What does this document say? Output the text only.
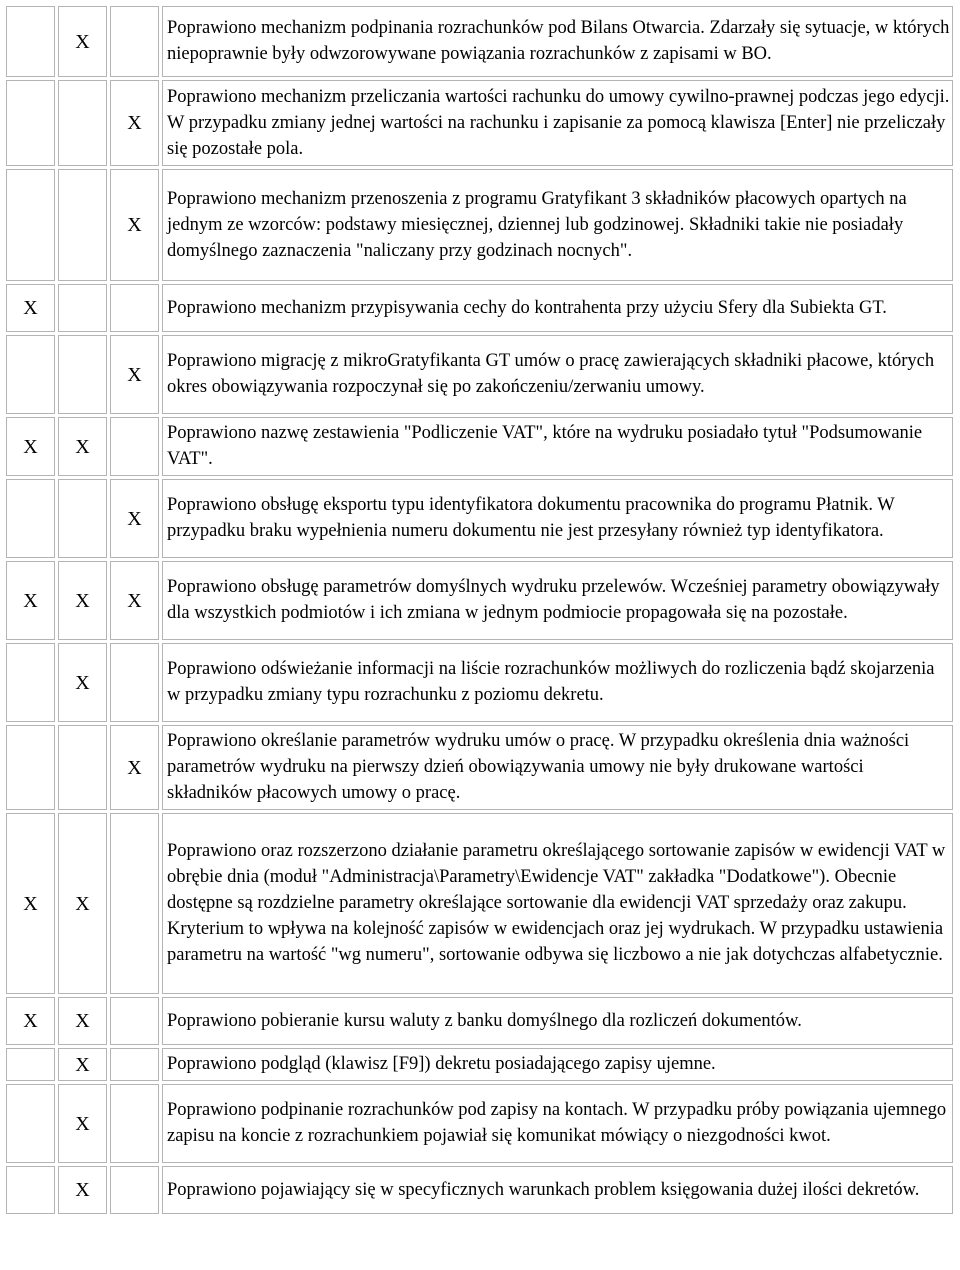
	X		Poprawiono mechanizm podpinania rozrachunków pod Bilans Otwarcia. Zdarzały się sytuacje, w których niepoprawnie były odwzorowywane powiązania rozrachunków z zapisami w BO.
		X	Poprawiono mechanizm przeliczania wartości rachunku do umowy cywilno-prawnej podczas jego edycji. W przypadku zmiany jednej wartości na rachunku i zapisanie za pomocą klawisza [Enter] nie przeliczały się pozostałe pola.
		X	Poprawiono mechanizm przenoszenia z programu Gratyfikant 3 składników płacowych opartych na jednym ze wzorców: podstawy miesięcznej, dziennej lub godzinowej. Składniki takie nie posiadały domyślnego zaznaczenia "naliczany przy godzinach nocnych".
X			Poprawiono mechanizm przypisywania cechy do kontrahenta przy użyciu Sfery dla Subiekta GT.
		X	Poprawiono migrację z mikroGratyfikanta GT umów o pracę zawierających składniki płacowe, których okres obowiązywania rozpoczynał się po zakończeniu/zerwaniu umowy.
X	X		Poprawiono nazwę zestawienia "Podliczenie VAT", które na wydruku posiadało tytuł "Podsumowanie VAT".
		X	Poprawiono obsługę eksportu typu identyfikatora dokumentu pracownika do programu Płatnik. W przypadku braku wypełnienia numeru dokumentu nie jest przesyłany również typ identyfikatora.
X	X	X	Poprawiono obsługę parametrów domyślnych wydruku przelewów. Wcześniej parametry obowiązywały dla wszystkich podmiotów i ich zmiana w jednym podmiocie propagowała się na pozostałe.
	X		Poprawiono odświeżanie informacji na liście rozrachunków możliwych do rozliczenia bądź skojarzenia w przypadku zmiany typu rozrachunku z poziomu dekretu.
		X	Poprawiono określanie parametrów wydruku umów o pracę. W przypadku określenia dnia ważności parametrów wydruku na pierwszy dzień obowiązywania umowy nie były drukowane wartości składników płacowych umowy o pracę.
X	X		Poprawiono oraz rozszerzono działanie parametru określającego sortowanie zapisów w ewidencji VAT w obrębie dnia (moduł "Administracja\Parametry\Ewidencje VAT" zakładka "Dodatkowe"). Obecnie dostępne są rozdzielne parametry określające sortowanie dla ewidencji VAT sprzedaży oraz zakupu. Kryterium to wpływa na kolejność zapisów w ewidencjach oraz jej wydrukach. W przypadku ustawienia parametru na wartość "wg numeru", sortowanie odbywa się liczbowo a nie jak dotychczas alfabetycznie.
X	X		Poprawiono pobieranie kursu waluty z banku domyślnego dla rozliczeń dokumentów.
	X		Poprawiono podgląd (klawisz [F9]) dekretu posiadającego zapisy ujemne.
	X		Poprawiono podpinanie rozrachunków pod zapisy na kontach. W przypadku próby powiązania ujemnego zapisu na koncie z rozrachunkiem pojawiał się komunikat mówiący o niezgodności kwot.
	X		Poprawiono pojawiający się w specyficznych warunkach problem księgowania dużej ilości dekretów.
